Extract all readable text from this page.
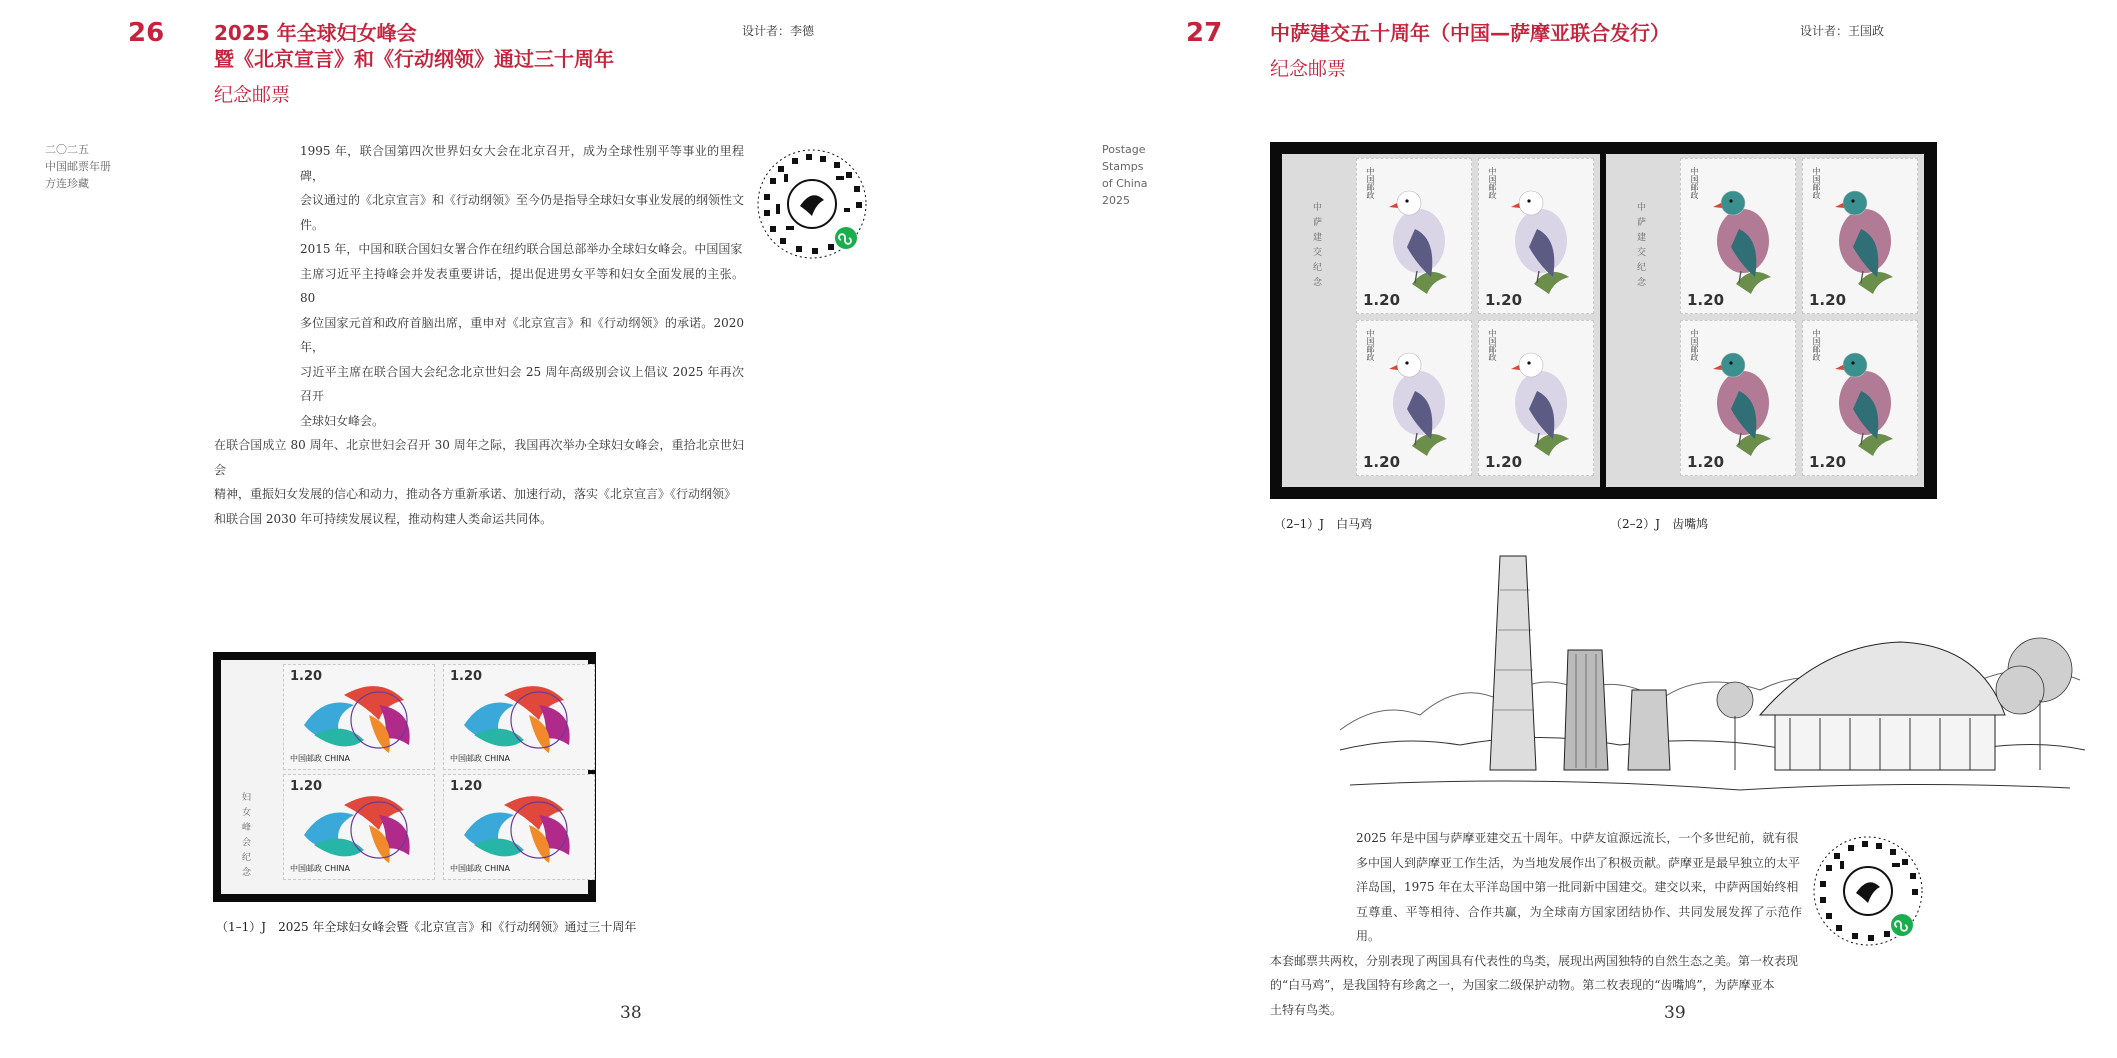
26 2025 年全球妇女峰会
暨《北京宣言》和《行动纲领》通过三十周年
纪念邮票
设计者：李德
二〇二五
中国邮票年册
方连珍藏
1995 年，联合国第四次世界妇女大会在北京召开，成为全球性别平等事业的里程碑，
会议通过的《北京宣言》和《行动纲领》至今仍是指导全球妇女事业发展的纲领性文件。
2015 年，中国和联合国妇女署合作在纽约联合国总部举办全球妇女峰会。中国国家
主席习近平主持峰会并发表重要讲话，提出促进男女平等和妇女全面发展的主张。80
多位国家元首和政府首脑出席，重申对《北京宣言》和《行动纲领》的承诺。2020 年，
习近平主席在联合国大会纪念北京世妇会 25 周年高级别会议上倡议 2025 年再次召开
全球妇女峰会。
在联合国成立 80 周年、北京世妇会召开 30 周年之际，我国再次举办全球妇女峰会，重拾北京世妇会
精神，重振妇女发展的信心和动力，推动各方重新承诺、加速行动，落实《北京宣言》《行动纲领》
和联合国 2030 年可持续发展议程，推动构建人类命运共同体。
妇女峰会纪念
1.20
中国邮政 CHINA
1.20
中国邮政 CHINA
1.20
中国邮政 CHINA
1.20
中国邮政 CHINA
（1–1）J　2025 年全球妇女峰会暨《北京宣言》和《行动纲领》通过三十周年
38
27 中萨建交五十周年（中国—萨摩亚联合发行）
纪念邮票
设计者：王国政
Postage
Stamps
of China
2025
中萨建交纪念	中萨建交纪念
中国邮政
1.20
中国邮政
1.20
中国邮政
1.20
中国邮政
1.20
中国邮政
1.20
中国邮政
1.20
中国邮政
1.20
中国邮政
1.20
（2–1）J　白马鸡	（2–2）J　齿嘴鸠
2025 年是中国与萨摩亚建交五十周年。中萨友谊源远流长，一个多世纪前，就有很
多中国人到萨摩亚工作生活，为当地发展作出了积极贡献。萨摩亚是最早独立的太平
洋岛国，1975 年在太平洋岛国中第一批同新中国建交。建交以来，中萨两国始终相
互尊重、平等相待、合作共赢，为全球南方国家团结协作、共同发展发挥了示范作用。
本套邮票共两枚，分别表现了两国具有代表性的鸟类，展现出两国独特的自然生态之美。第一枚表现
的“白马鸡”，是我国特有珍禽之一，为国家二级保护动物。第二枚表现的“齿嘴鸠”，为萨摩亚本
土特有鸟类。	39
